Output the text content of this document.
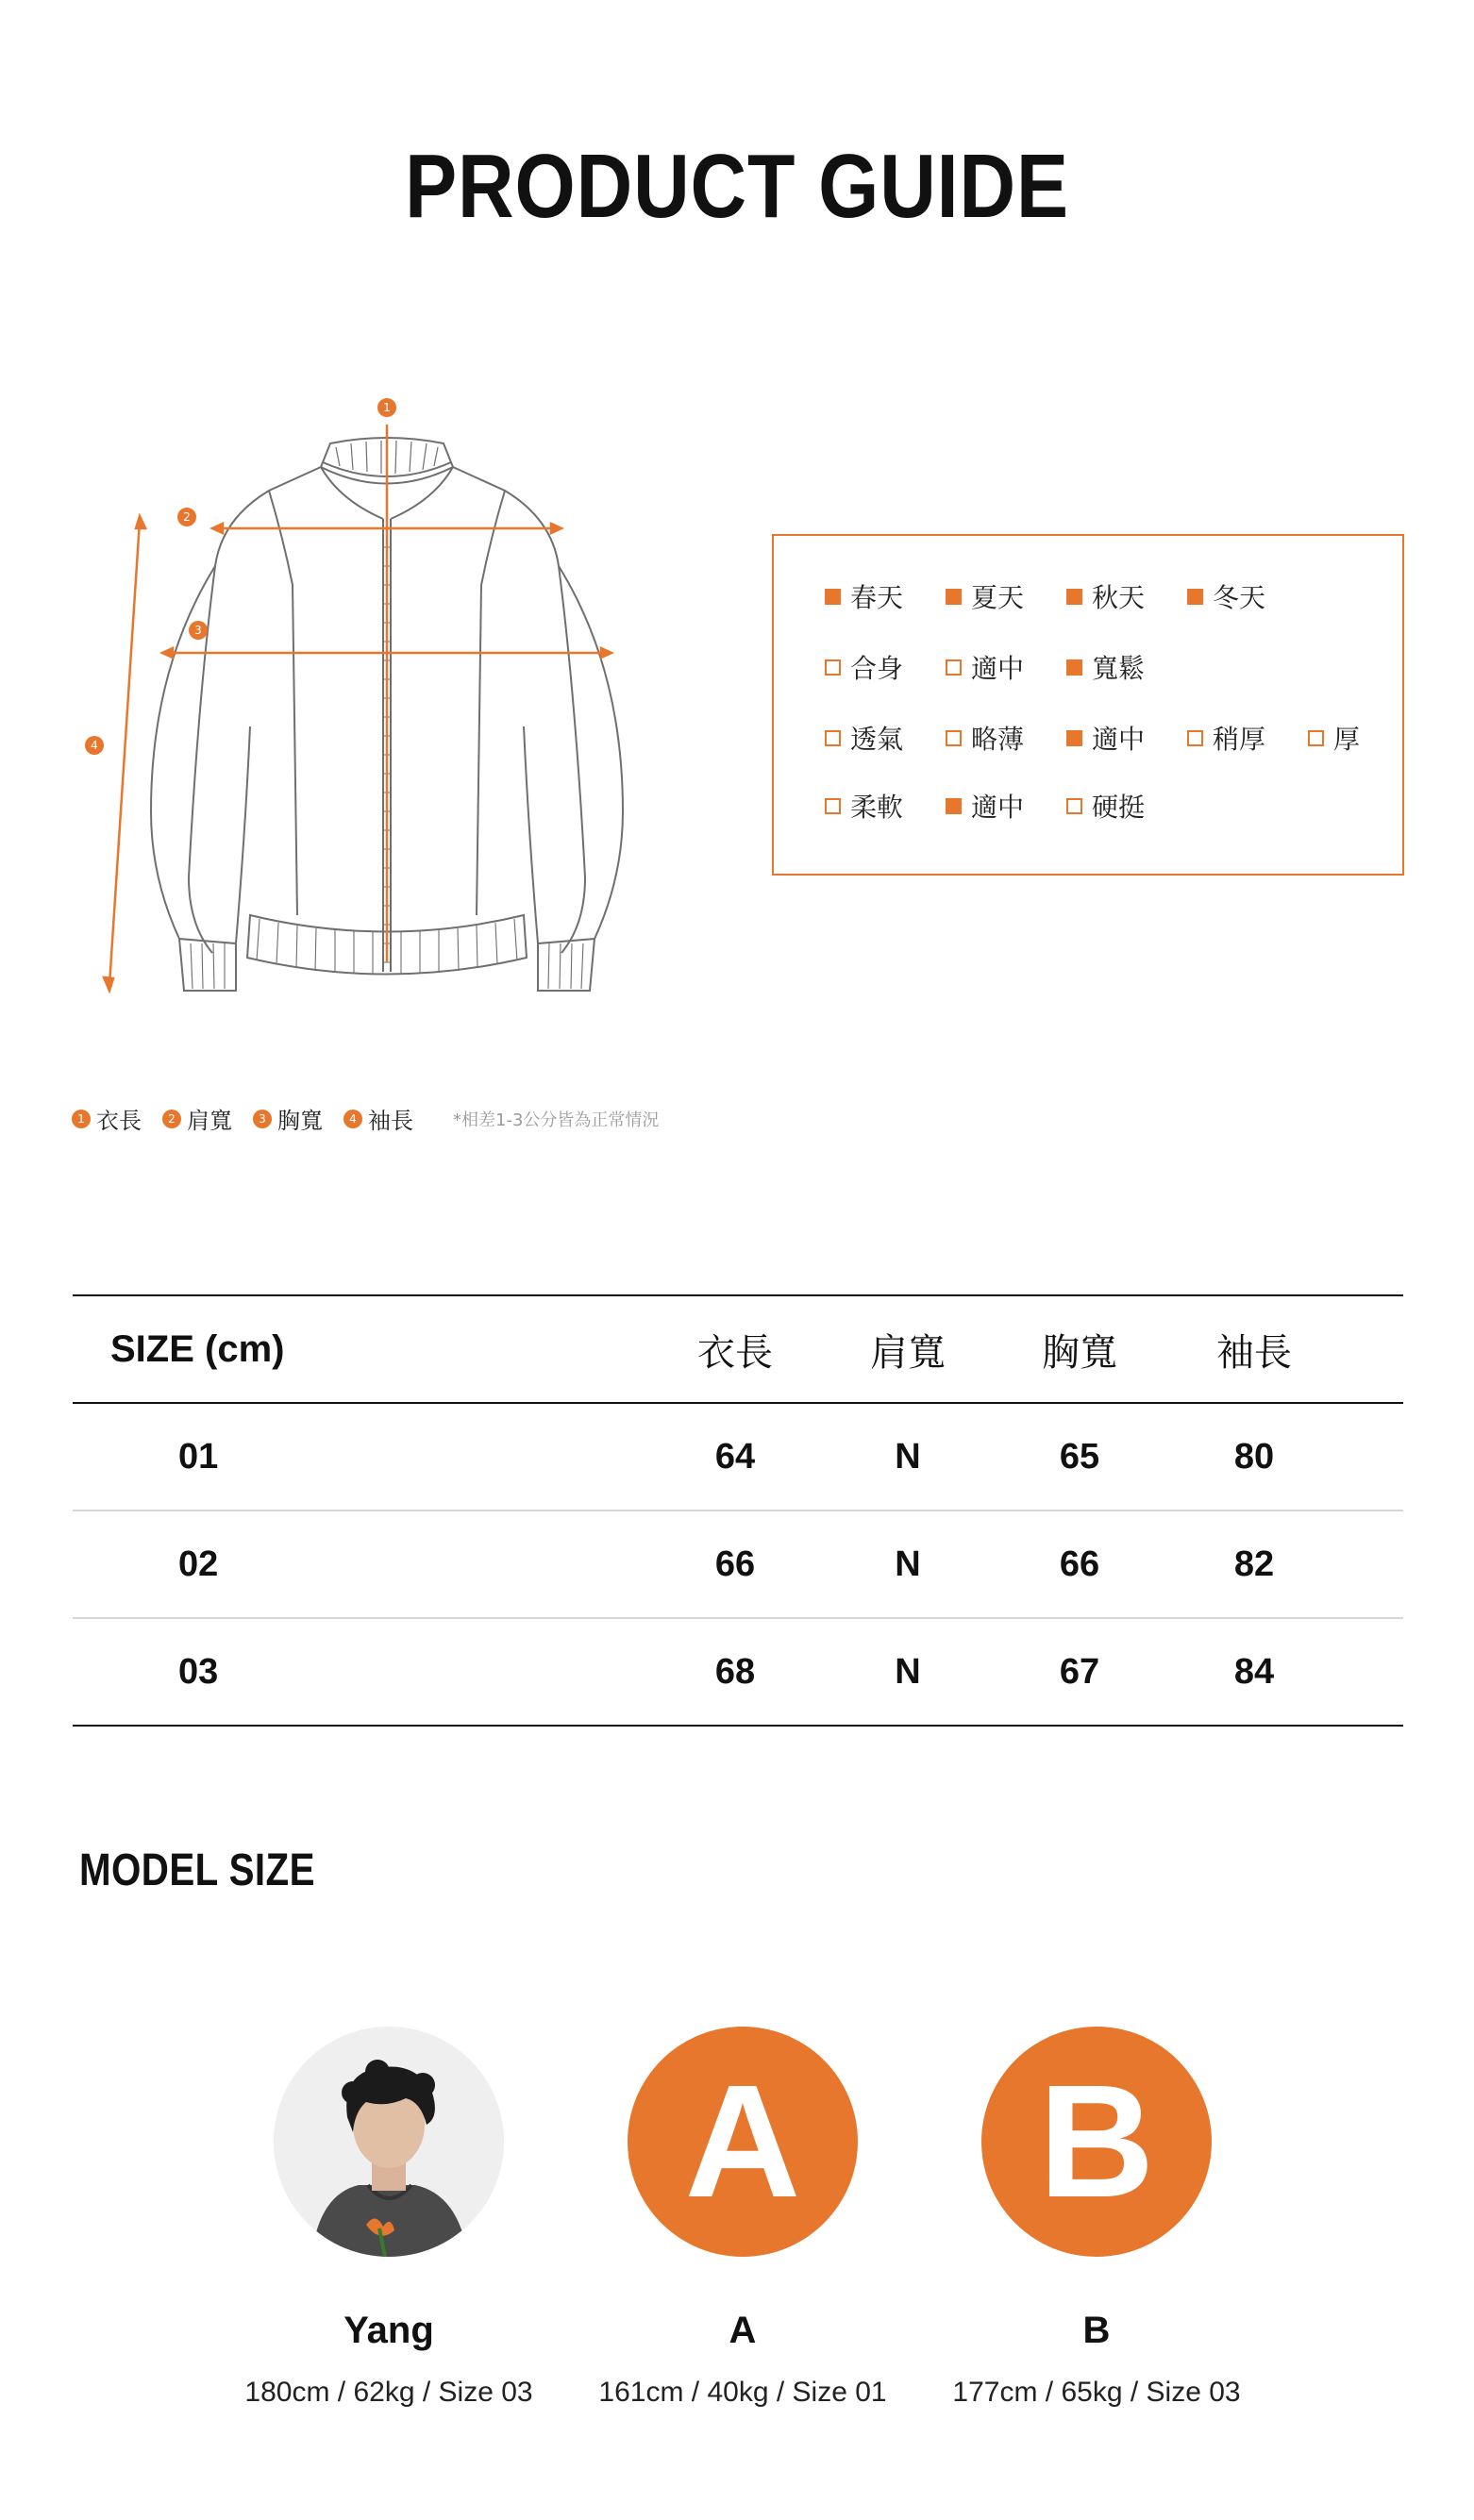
PRODUCT GUIDE
1
2
3
4
春天	夏天	秋天	冬天
合身	適中	寬鬆
透氣	略薄	適中	稍厚	厚
柔軟	適中	硬挺
1 衣長	2 肩寬	3 胸寬	4 袖長 *相差1-3公分皆為正常情況
SIZE (cm)	衣長	肩寬	胸寬	袖長
01	64	N	65	80
02	66	N	66	82
03	68	N	67	84
MODEL SIZE
Yang
180cm / 62kg / Size 03
A
A
161cm / 40kg / Size 01
B
B
177cm / 65kg / Size 03
